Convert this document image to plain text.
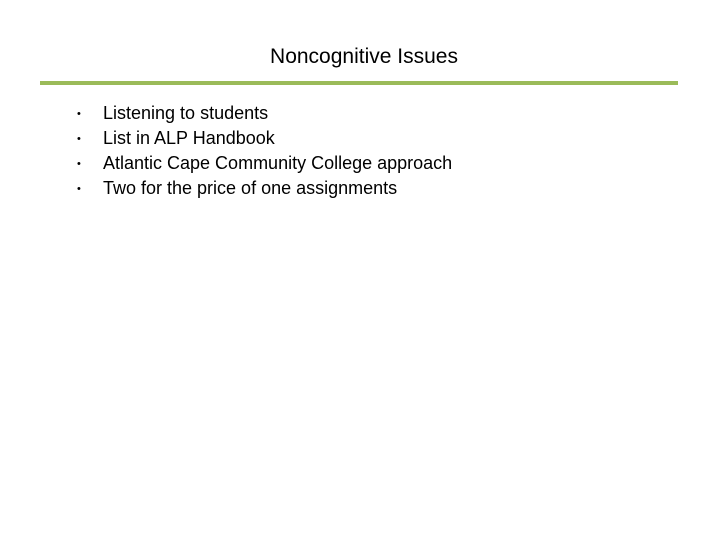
Noncognitive Issues
•	Listening to students
•	List in ALP Handbook
•	Atlantic Cape Community College approach
•	Two for the price of one assignments
